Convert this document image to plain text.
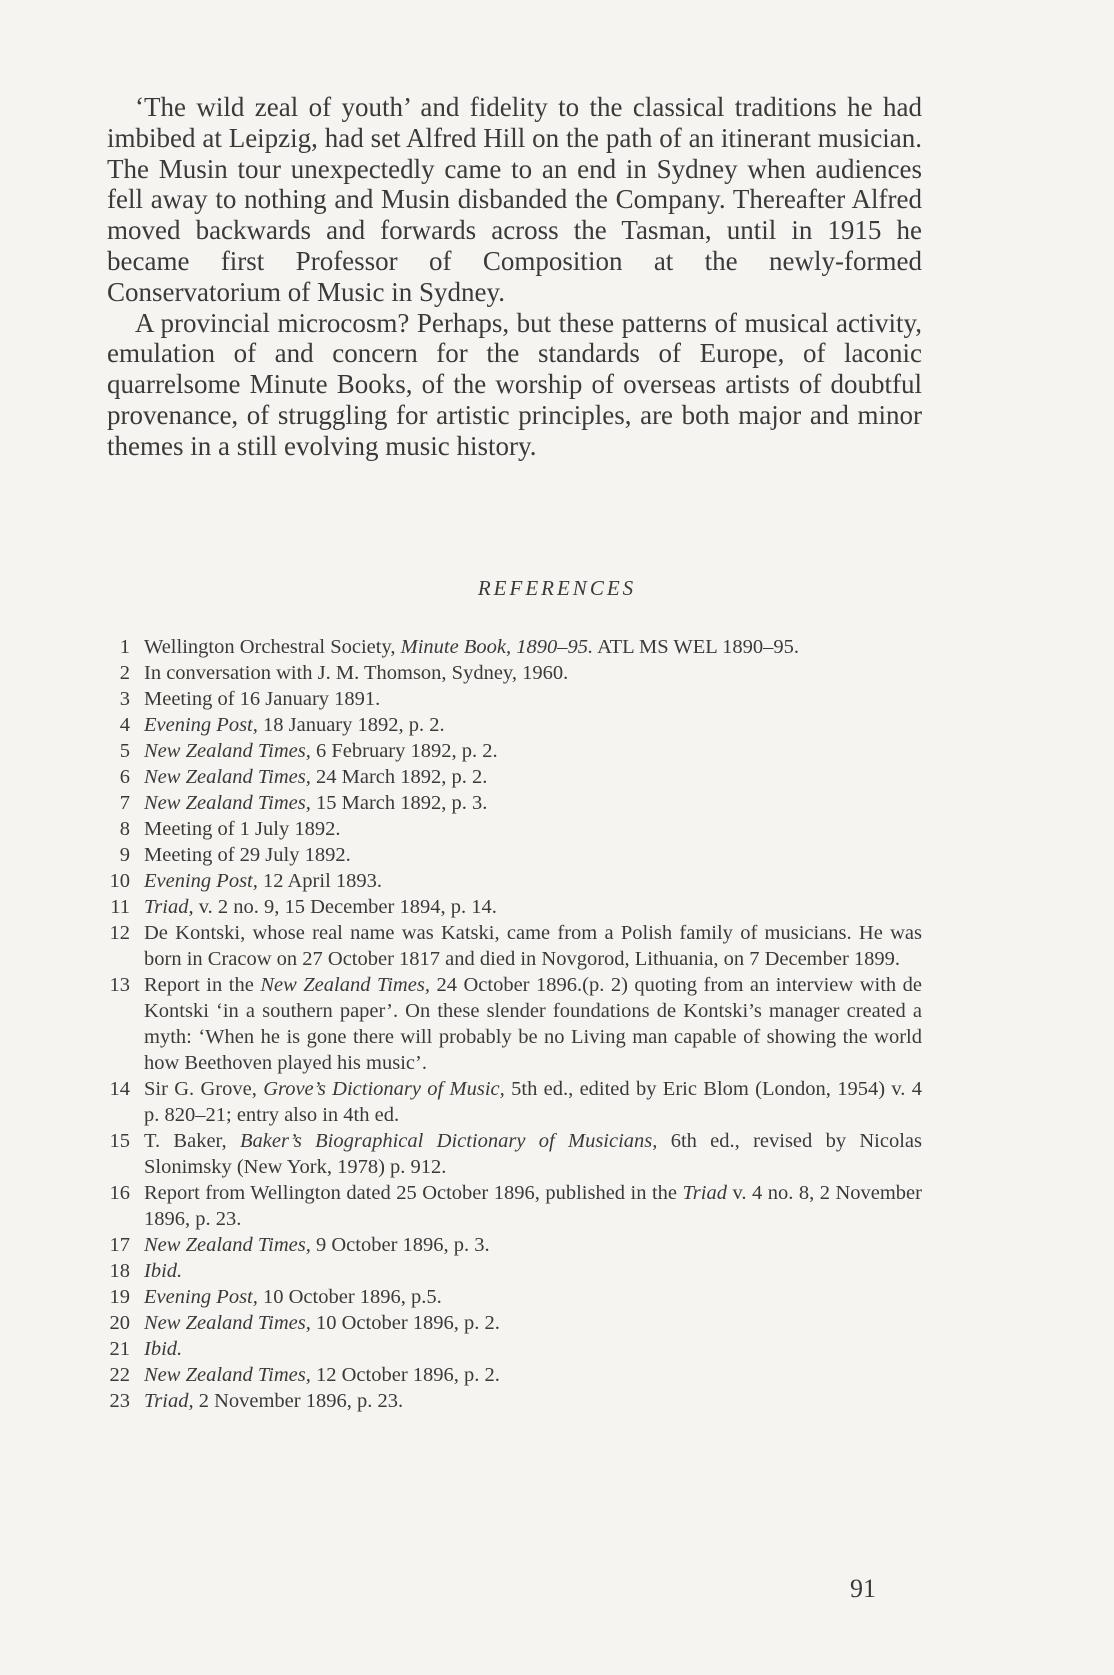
‘The wild zeal of youth’ and fidelity to the classical traditions he had imbibed at Leipzig, had set Alfred Hill on the path of an itinerant musician. The Musin tour unexpectedly came to an end in Sydney when audiences fell away to nothing and Musin disbanded the Company. Thereafter Alfred moved backwards and forwards across the Tasman, until in 1915 he became first Professor of Composition at the newly-formed Conservatorium of Music in Sydney.

A provincial microcosm? Perhaps, but these patterns of musical activity, emulation of and concern for the standards of Europe, of laconic quarrelsome Minute Books, of the worship of overseas artists of doubtful provenance, of struggling for artistic principles, are both major and minor themes in a still evolving music history.

REFERENCES
1 Wellington Orchestral Society, Minute Book, 1890–95. ATL MS WEL 1890–95.
2 In conversation with J. M. Thomson, Sydney, 1960.
3 Meeting of 16 January 1891.
4 Evening Post, 18 January 1892, p. 2.
5 New Zealand Times, 6 February 1892, p. 2.
6 New Zealand Times, 24 March 1892, p. 2.
7 New Zealand Times, 15 March 1892, p. 3.
8 Meeting of 1 July 1892.
9 Meeting of 29 July 1892.
10 Evening Post, 12 April 1893.
11 Triad, v. 2 no. 9, 15 December 1894, p. 14.
12 De Kontski, whose real name was Katski, came from a Polish family of musicians. He was born in Cracow on 27 October 1817 and died in Novgorod, Lithuania, on 7 December 1899.
13 Report in the New Zealand Times, 24 October 1896.(p. 2) quoting from an interview with de Kontski ‘in a southern paper’. On these slender foundations de Kontski’s manager created a myth: ‘When he is gone there will probably be no Living man capable of showing the world how Beethoven played his music’.
14 Sir G. Grove, Grove’s Dictionary of Music, 5th ed., edited by Eric Blom (London, 1954) v. 4 p. 820–21; entry also in 4th ed.
15 T. Baker, Baker’s Biographical Dictionary of Musicians, 6th ed., revised by Nicolas Slonimsky (New York, 1978) p. 912.
16 Report from Wellington dated 25 October 1896, published in the Triad v. 4 no. 8, 2 November 1896, p. 23.
17 New Zealand Times, 9 October 1896, p. 3.
18 Ibid.
19 Evening Post, 10 October 1896, p.5.
20 New Zealand Times, 10 October 1896, p. 2.
21 Ibid.
22 New Zealand Times, 12 October 1896, p. 2.
23 Triad, 2 November 1896, p. 23.
91
